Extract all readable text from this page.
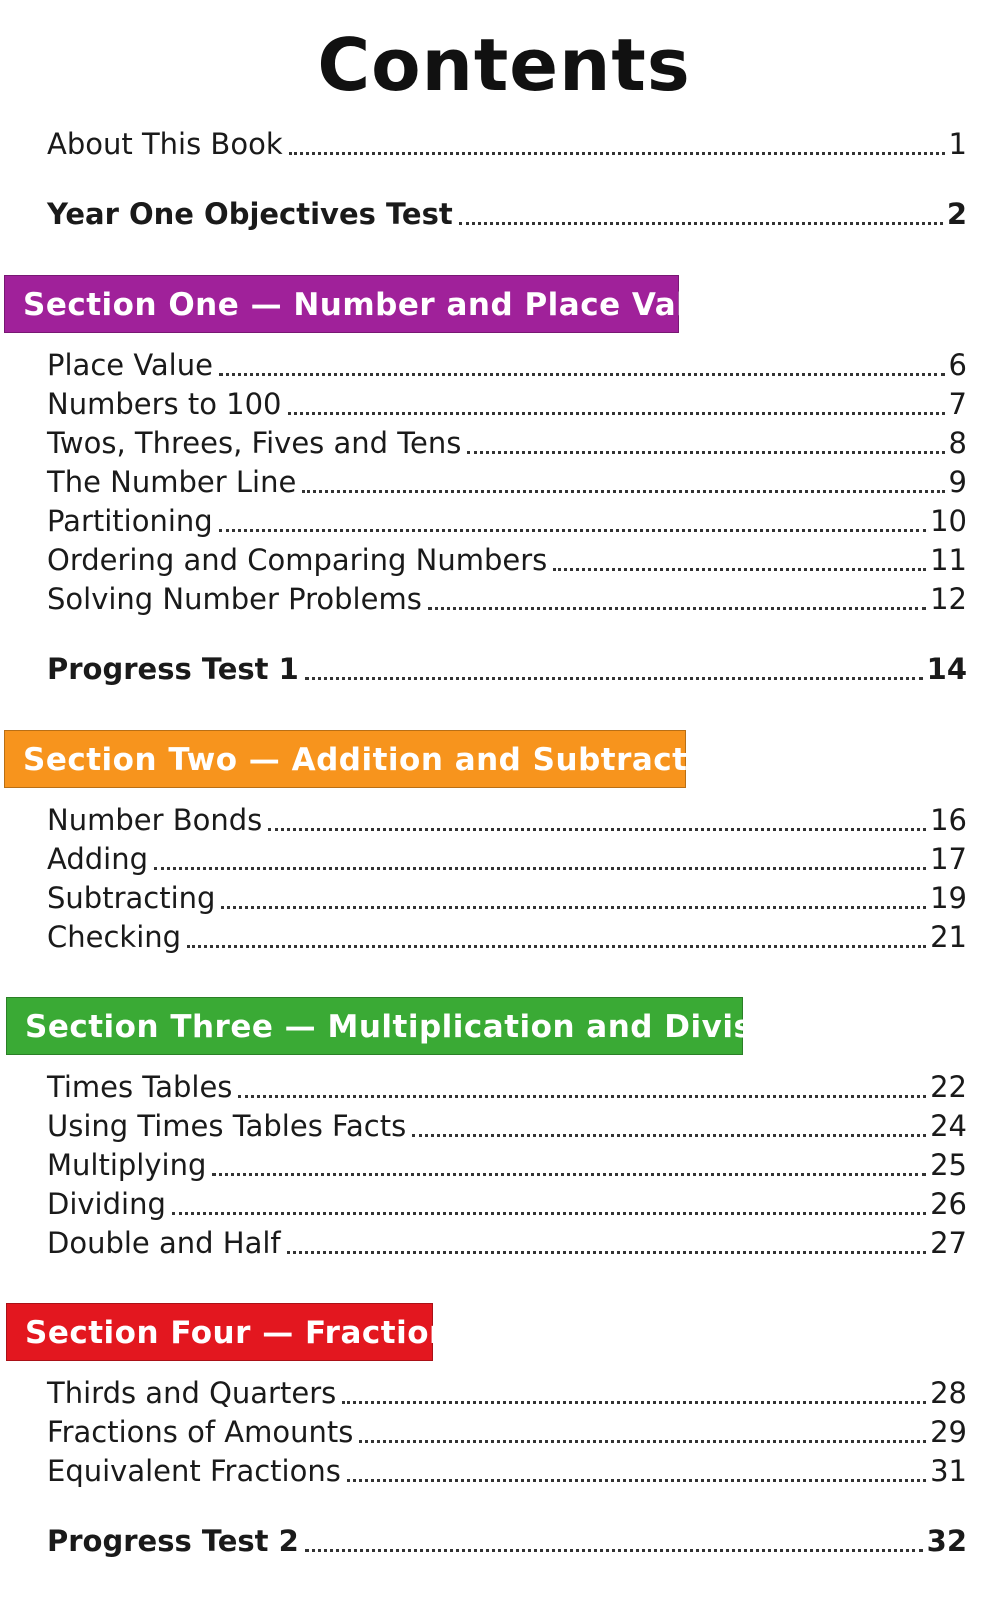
Contents
About This Book	1
Year One Objectives Test	2
Section One — Number and Place Value
Place Value	6
Numbers to 100	7
Twos, Threes, Fives and Tens	8
The Number Line	9
Partitioning	10
Ordering and Comparing Numbers	11
Solving Number Problems	12
Progress Test 1	14
Section Two — Addition and Subtraction
Number Bonds	16
Adding	17
Subtracting	19
Checking	21
Section Three — Multiplication and Division
Times Tables	22
Using Times Tables Facts	24
Multiplying	25
Dividing	26
Double and Half	27
Section Four — Fractions
Thirds and Quarters	28
Fractions of Amounts	29
Equivalent Fractions	31
Progress Test 2	32
